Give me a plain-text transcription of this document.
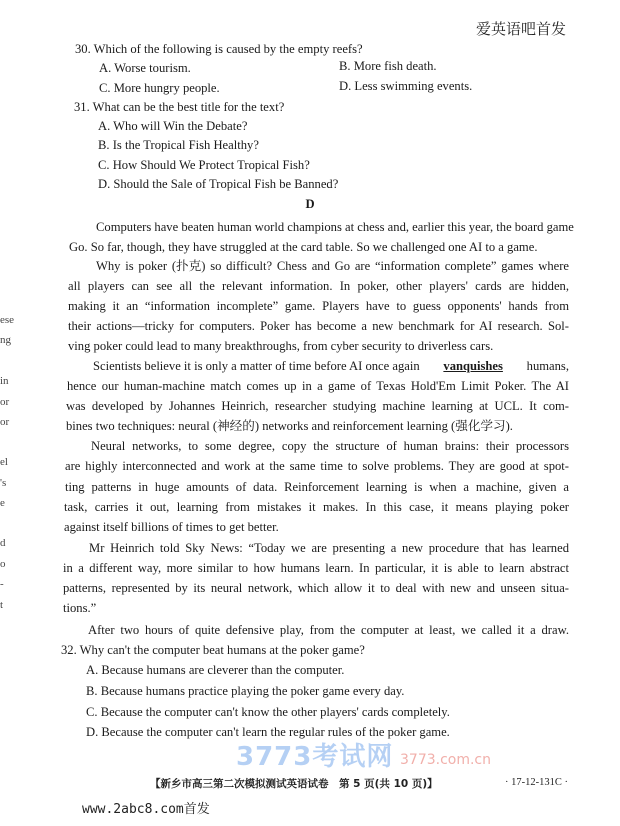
爱英语吧首发
30. Which of the following is caused by the empty reefs?
A. Worse tourism.	B. More fish death.
C. More hungry people.	D. Less swimming events.
31. What can be the best title for the text?
A. Who will Win the Debate?
B. Is the Tropical Fish Healthy?
C. How Should We Protect Tropical Fish?
D. Should the Sale of Tropical Fish be Banned?
D
Computers have beaten human world champions at chess and, earlier this year, the board game
Go. So far, though, they have struggled at the card table. So we challenged one AI to a game.
Why is poker (扑克) so difficult? Chess and Go are “information complete” games where
all players can see all the relevant information. In poker, other players' cards are hidden,
making it an “information incomplete” game. Players have to guess opponents' hands from
their actions—tricky for computers. Poker has become a new benchmark for AI research. Sol-
ving poker could lead to many breakthroughs, from cyber security to driverless cars.
Scientists believe it is only a matter of time before AI once again vanquishes humans,
hence our human-machine match comes up in a game of Texas Hold'Em Limit Poker. The AI
was developed by Johannes Heinrich, researcher studying machine learning at UCL. It com-
bines two techniques: neural (神经的) networks and reinforcement learning (强化学习).
Neural networks, to some degree, copy the structure of human brains: their processors
are highly interconnected and work at the same time to solve problems. They are good at spot-
ting patterns in huge amounts of data. Reinforcement learning is when a machine, given a
task, carries it out, learning from mistakes it makes. In this case, it means playing poker
against itself billions of times to get better.
Mr Heinrich told Sky News: “Today we are presenting a new procedure that has learned
in a different way, more similar to how humans learn. In particular, it is able to learn abstract
patterns, represented by its neural network, which allow it to deal with new and unseen situa-
tions.”
After two hours of quite defensive play, from the computer at least, we called it a draw.
32. Why can't the computer beat humans at the poker game?
A. Because humans are cleverer than the computer.
B. Because humans practice playing the poker game every day.
C. Because the computer can't know the other players' cards completely.
D. Because the computer can't learn the regular rules of the poker game.
ese
ng
in
or
or
el
's
e
d
o
-
t
3773考试网 3773.com.cn
【新乡市高三第二次模拟测试英语试卷　第 5 页(共 10 页)】	· 17-12-131C ·
www.2abc8.com首发
